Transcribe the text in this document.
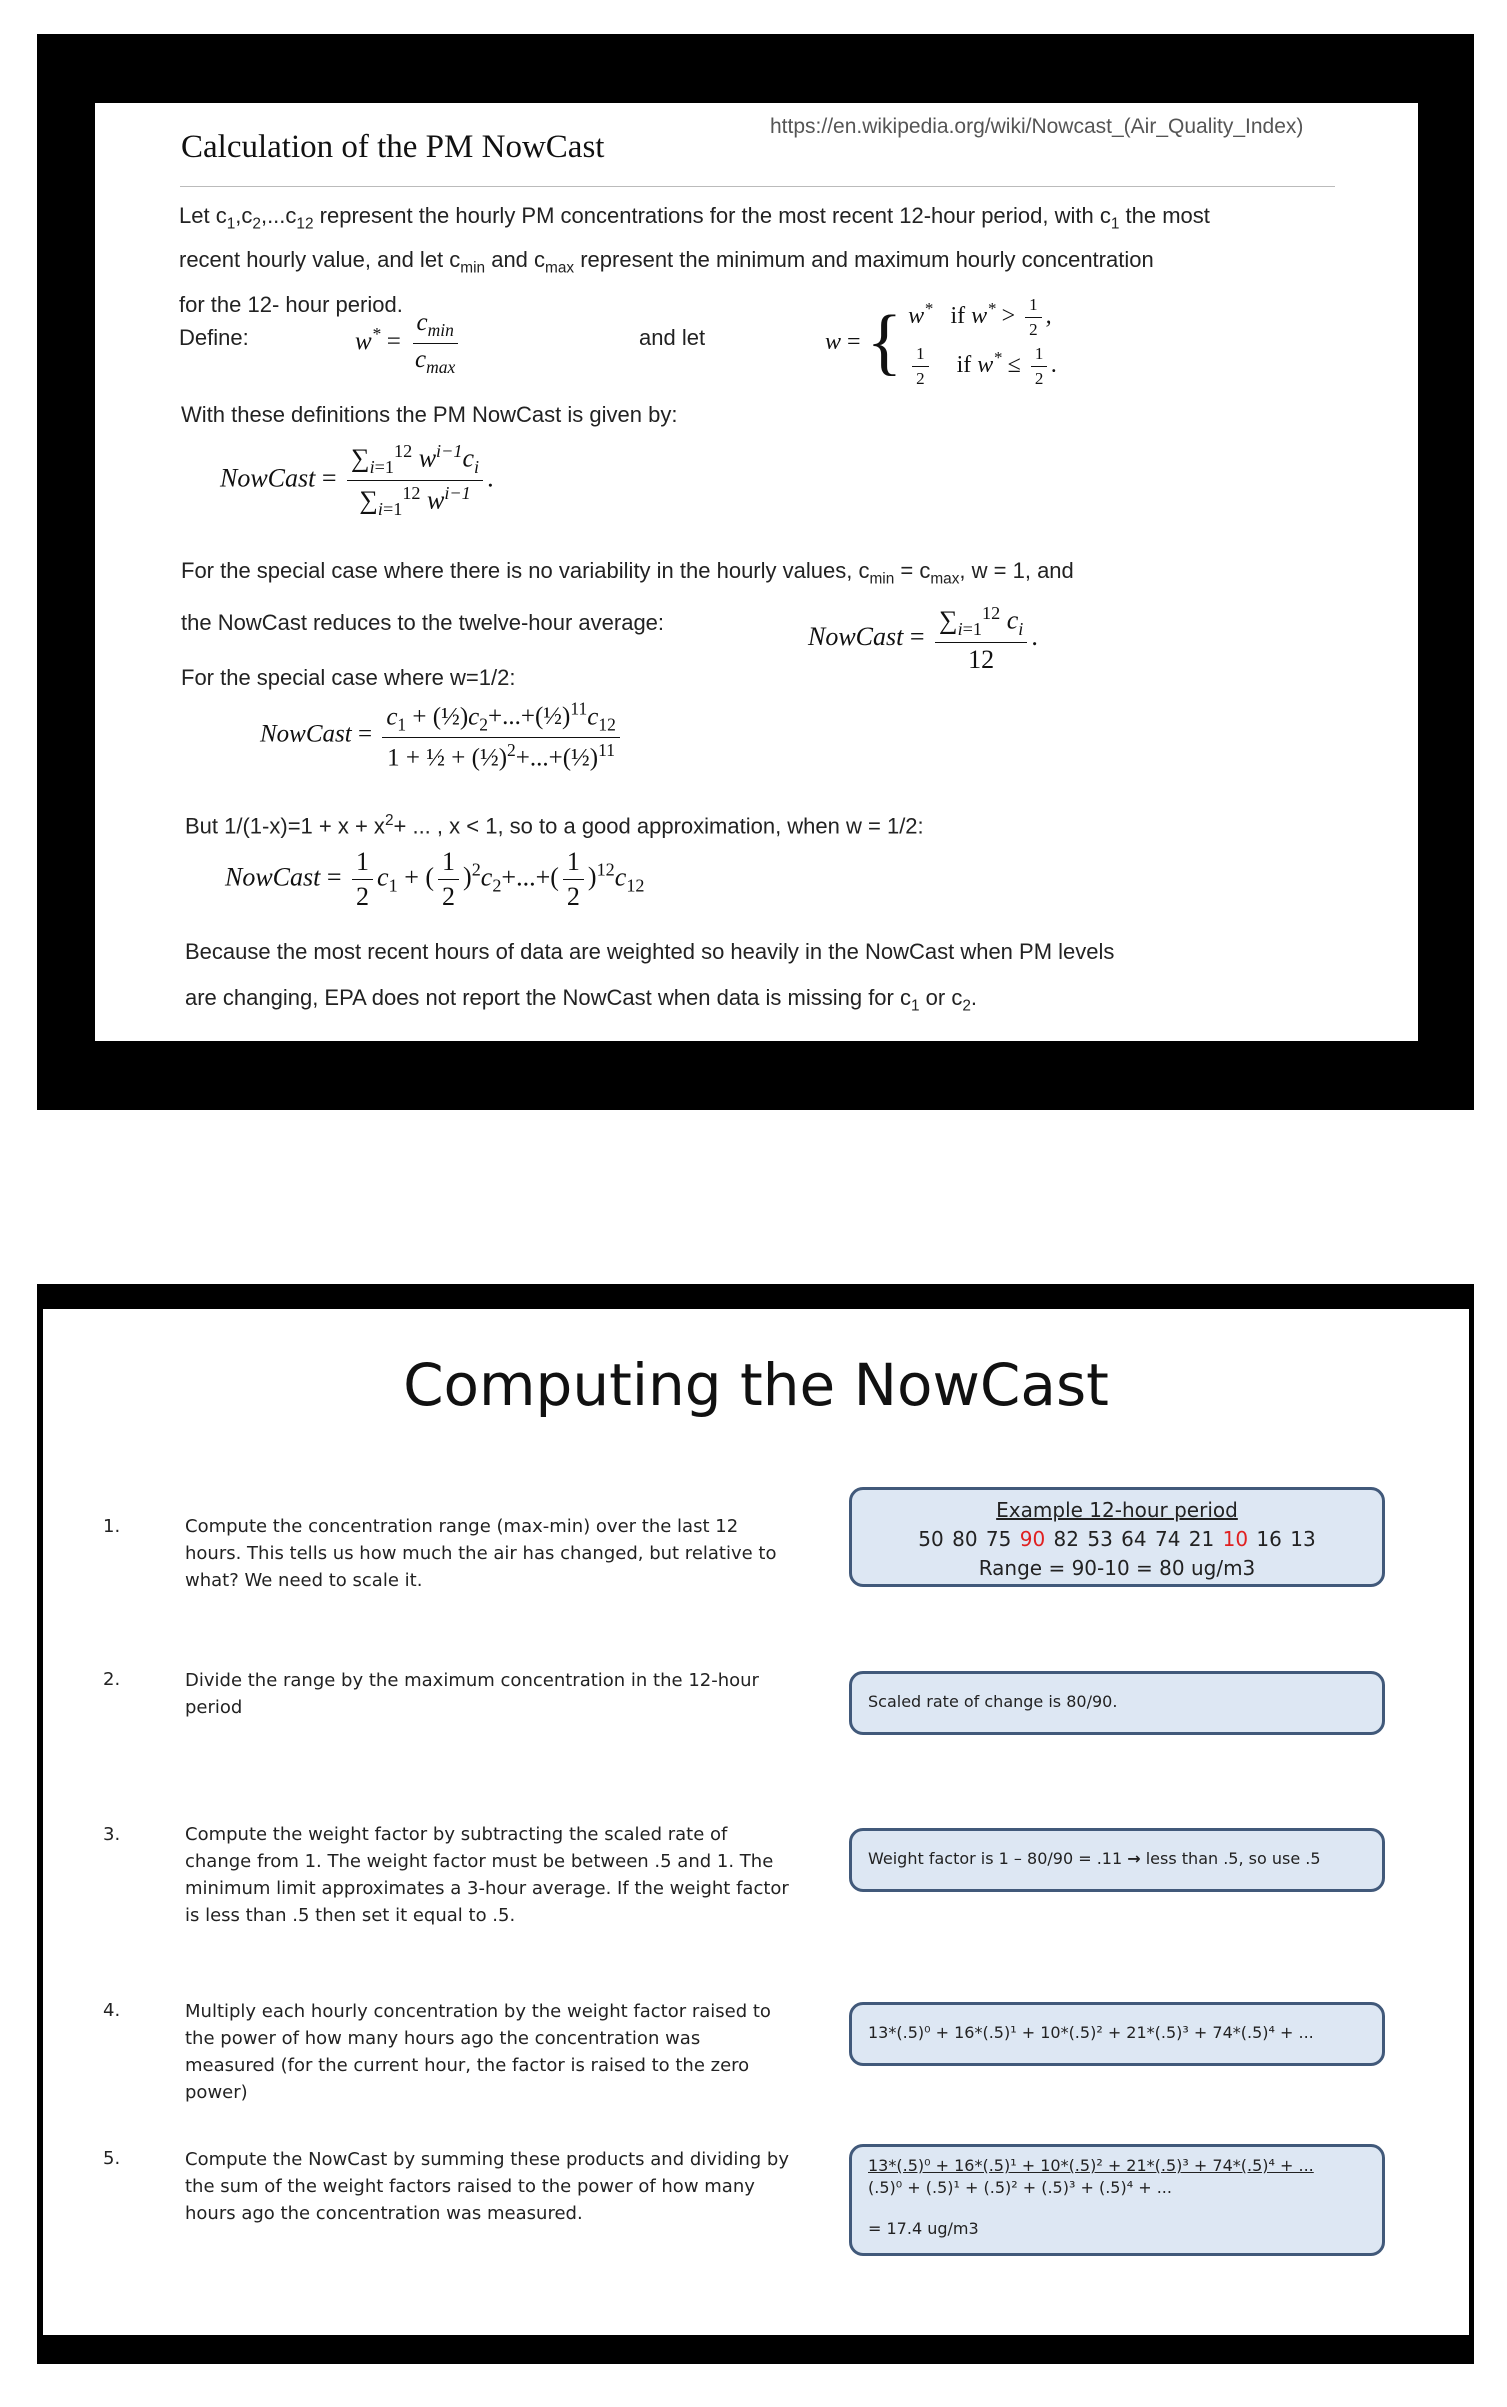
Calculation of the PM NowCast
https://en.wikipedia.org/wiki/Nowcast_(Air_Quality_Index)
Let $c_1,c_2,...c_{12}$ represent the hourly PM concentrations for the most recent 12-hour period, with $c_1$ the most
recent hourly value, and let $c_{min}$ and $c_{max}$ represent the minimum and maximum hourly concentration
for the 12- hour period.
Define:	$w^* = \frac{c_{min}}{c_{max}}$	and let	w = { w* if $w^* > \frac{1}{2}$ ,
$\frac{1}{2}$ if $w^* \le \frac{1}{2}$ .
With these definitions the PM NowCast is given by:
NowCast = $\frac{\sum_{i=1}^{12} w^{i-1}c_i}{\sum_{i=1}^{12} w^{i-1}}$ .
For the special case where there is no variability in the hourly values, $c_{min} = c_{max}$, w = 1, and
the NowCast reduces to the twelve-hour average:	NowCast = $\frac{\sum_{i=1}^{12} c_i}{12}$ .
For the special case where w=1/2:
NowCast = $\frac{c_1 + (\frac{1}{2})c_2+...+(\frac{1}{2})^{11}c_{12}}{1 + \frac{1}{2} + (\frac{1}{2})^2+...+(\frac{1}{2})^{11}}$
But $1/(1-x)=1 + x + x^2+$ ... , x < 1, so to a good approximation, when w = 1/2:
NowCast = $\frac{1}{2} c_1$ + ( $\frac{1}{2} )^2c_2+...+( \frac{1}{2} )^{12}c_{12}$
Because the most recent hours of data are weighted so heavily in the NowCast when PM levels
are changing, EPA does not report the NowCast when data is missing for $c_1$ or $c_2$.
Computing the NowCast
1.	Compute the concentration range (max-min) over the last 12 hours. This tells us how much the air has changed, but relative to what? We need to scale it.
2.	Divide the range by the maximum concentration in the 12-hour period
3.	Compute the weight factor by subtracting the scaled rate of change from 1. The weight factor must be between .5 and 1. The minimum limit approximates a 3-hour average. If the weight factor is less than .5 then set it equal to .5.
4.	Multiply each hourly concentration by the weight factor raised to the power of how many hours ago the concentration was measured (for the current hour, the factor is raised to the zero power)
5.	Compute the NowCast by summing these products and dividing by the sum of the weight factors raised to the power of how many hours ago the concentration was measured.
Example 12-hour period
50 80 75 90 82 53 64 74 21 10 16 13
Range = 90-10 = 80 ug/m3
Scaled rate of change is 80/90.
Weight factor is 1 – 80/90 = .11 → less than .5, so use .5
13*(.5)⁰ + 16*(.5)¹ + 10*(.5)² + 21*(.5)³ + 74*(.5)⁴ + ...
13*(.5)⁰ + 16*(.5)¹ + 10*(.5)² + 21*(.5)³ + 74*(.5)⁴ + ...
(.5)⁰ + (.5)¹ + (.5)² + (.5)³ + (.5)⁴ + ...
= 17.4 ug/m3
